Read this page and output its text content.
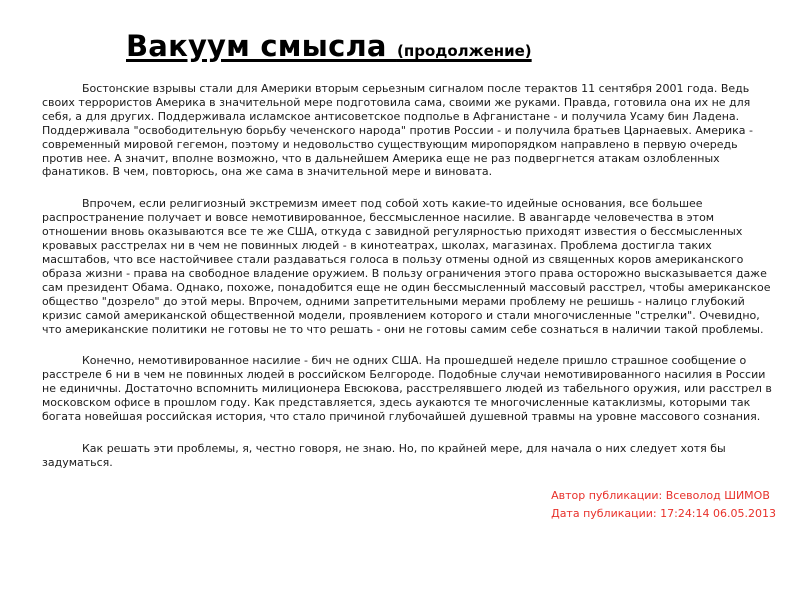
Вакуум смысла (продолжение)

Бостонские взрывы стали для Америки вторым серьезным сигналом после терактов 11 сентября 2001 года. Ведь своих террористов Америка в значительной мере подготовила сама, своими же руками. Правда, готовила она их не для себя, а для других. Поддерживала исламское антисоветское подполье в Афганистане - и получила Усаму бин Ладена. Поддерживала "освободительную борьбу чеченского народа" против России - и получила братьев Царнаевых. Америка - современный мировой гегемон, поэтому и недовольство существующим миропорядком направлено в первую очередь против нее. А значит, вполне возможно, что в дальнейшем Америка еще не раз подвергнется атакам озлобленных фанатиков. В чем, повторюсь, она же сама в значительной мере и виновата.

Впрочем, если религиозный экстремизм имеет под собой хоть какие-то идейные основания, все большее распространение получает и вовсе немотивированное, бессмысленное насилие. В авангарде человечества в этом отношении вновь оказываются все те же США, откуда с завидной регулярностью приходят известия о бессмысленных кровавых расстрелах ни в чем не повинных людей - в кинотеатрах, школах, магазинах. Проблема достигла таких масштабов, что все настойчивее стали раздаваться голоса в пользу отмены одной из священных коров американского образа жизни - права на свободное владение оружием. В пользу ограничения этого права осторожно высказывается даже сам президент Обама. Однако, похоже, понадобится еще не один бессмысленный массовый расстрел, чтобы американское общество "дозрело" до этой меры. Впрочем, одними запретительными мерами проблему не решишь - налицо глубокий кризис самой американской общественной модели, проявлением которого и стали многочисленные "стрелки". Очевидно, что американские политики не готовы не то что решать - они не готовы самим себе сознаться в наличии такой проблемы.

Конечно, немотивированное насилие - бич не одних США. На прошедшей неделе пришло страшное сообщение о расстреле 6 ни в чем не повинных людей в российском Белгороде. Подобные случаи немотивированного насилия в России не единичны. Достаточно вспомнить милиционера Евсюкова, расстрелявшего людей из табельного оружия, или расстрел в московском офисе в прошлом году. Как представляется, здесь аукаются те многочисленные катаклизмы, которыми так богата новейшая российская история, что стало причиной глубочайшей душевной травмы на уровне массового сознания.

Как решать эти проблемы, я, честно говоря, не знаю. Но, по крайней мере, для начала о них следует хотя бы задуматься.

Автор публикации: Всеволод ШИМОВ
Дата публикации: 17:24:14 06.05.2013
